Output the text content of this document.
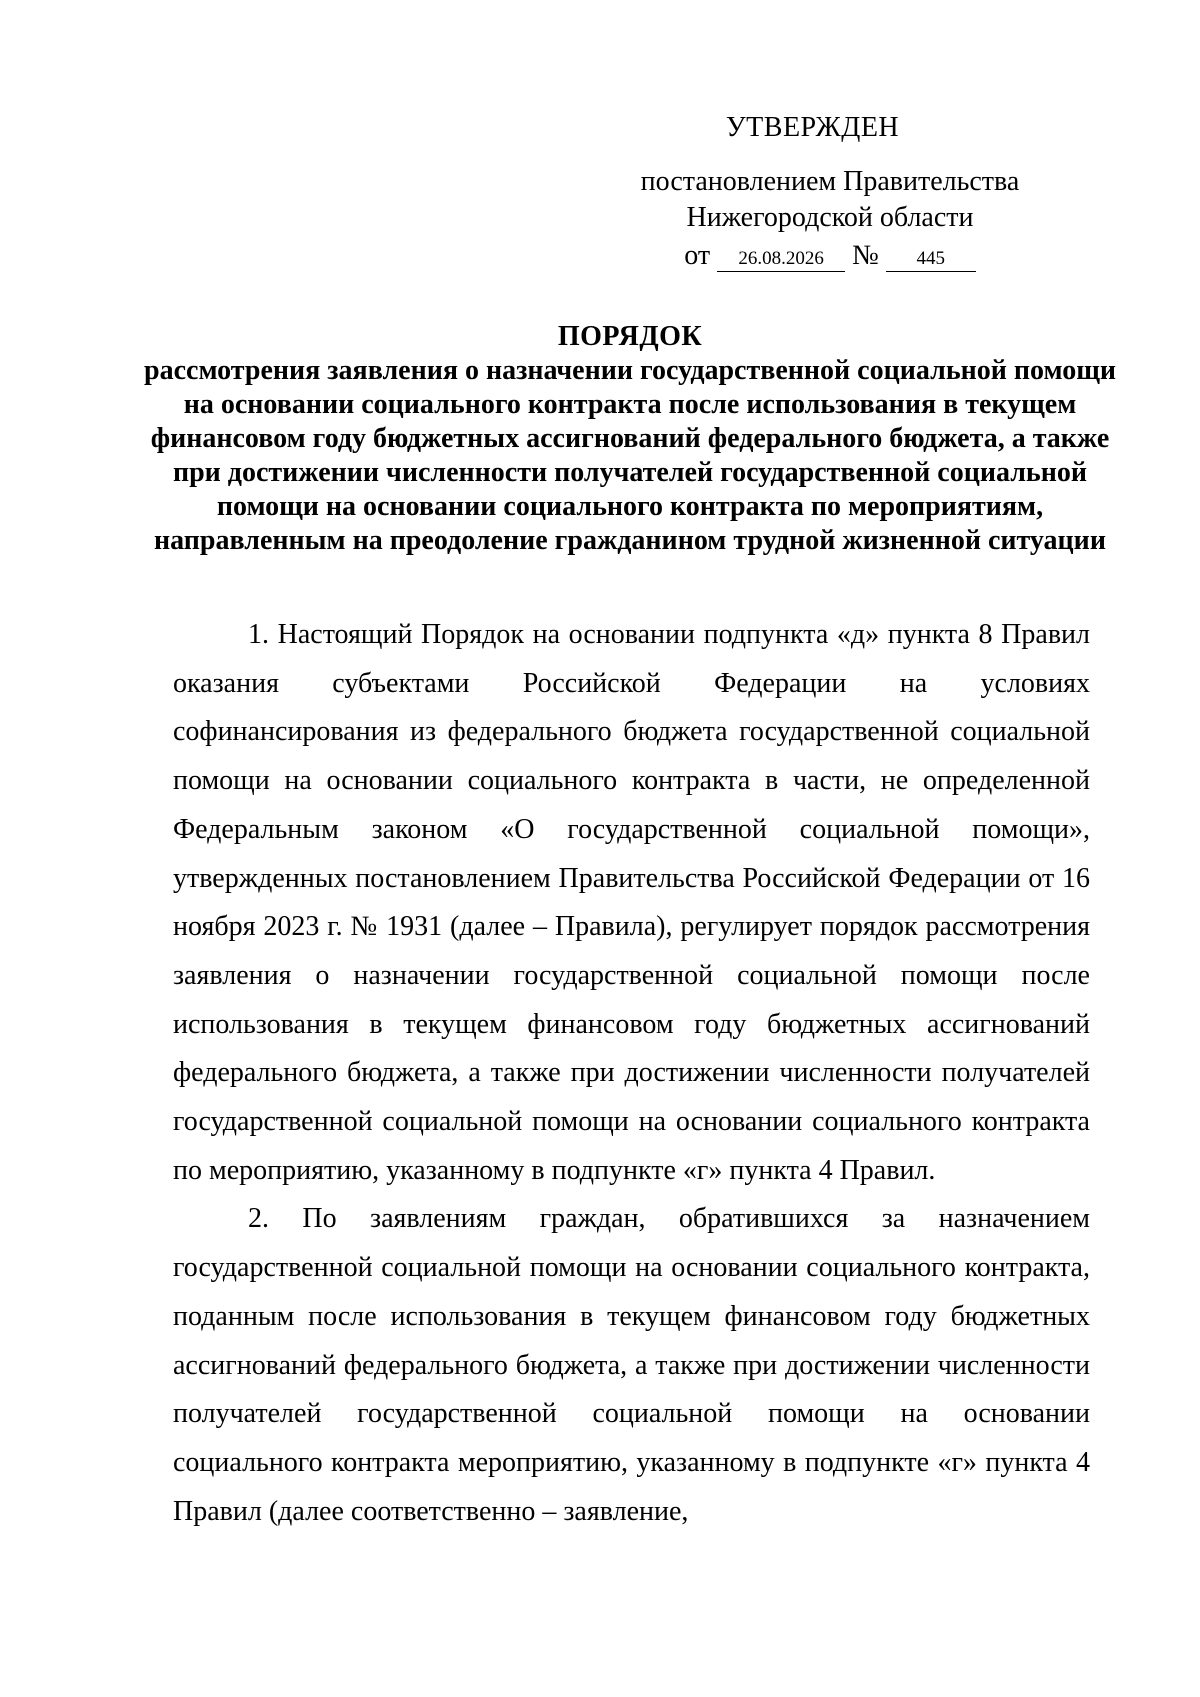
УТВЕРЖДЕН
постановлением Правительства
Нижегородской области
от 26.08.2026 № 445
ПОРЯДОК
рассмотрения заявления о назначении государственной социальной помощи на основании социального контракта после использования в текущем финансовом году бюджетных ассигнований федерального бюджета, а также при достижении численности получателей государственной социальной помощи на основании социального контракта по мероприятиям, направленным на преодоление гражданином трудной жизненной ситуации

1. Настоящий Порядок на основании подпункта «д» пункта 8 Правил оказания субъектами Российской Федерации на условиях софинансирования из федерального бюджета государственной социальной помощи на основании социального контракта в части, не определенной Федеральным законом «О государственной социальной помощи», утвержденных постановлением Правительства Российской Федерации от 16 ноября 2023 г. № 1931 (далее – Правила), регулирует порядок рассмотрения заявления о назначении государственной социальной помощи после использования в текущем финансовом году бюджетных ассигнований федерального бюджета, а также при достижении численности получателей государственной социальной помощи на основании социального контракта по мероприятию, указанному в подпункте «г» пункта 4 Правил.

2. По заявлениям граждан, обратившихся за назначением государственной социальной помощи на основании социального контракта, поданным после использования в текущем финансовом году бюджетных ассигнований федерального бюджета, а также при достижении численности получателей государственной социальной помощи на основании социального контракта мероприятию, указанному в подпункте «г» пункта 4 Правил (далее соответственно – заявление,
